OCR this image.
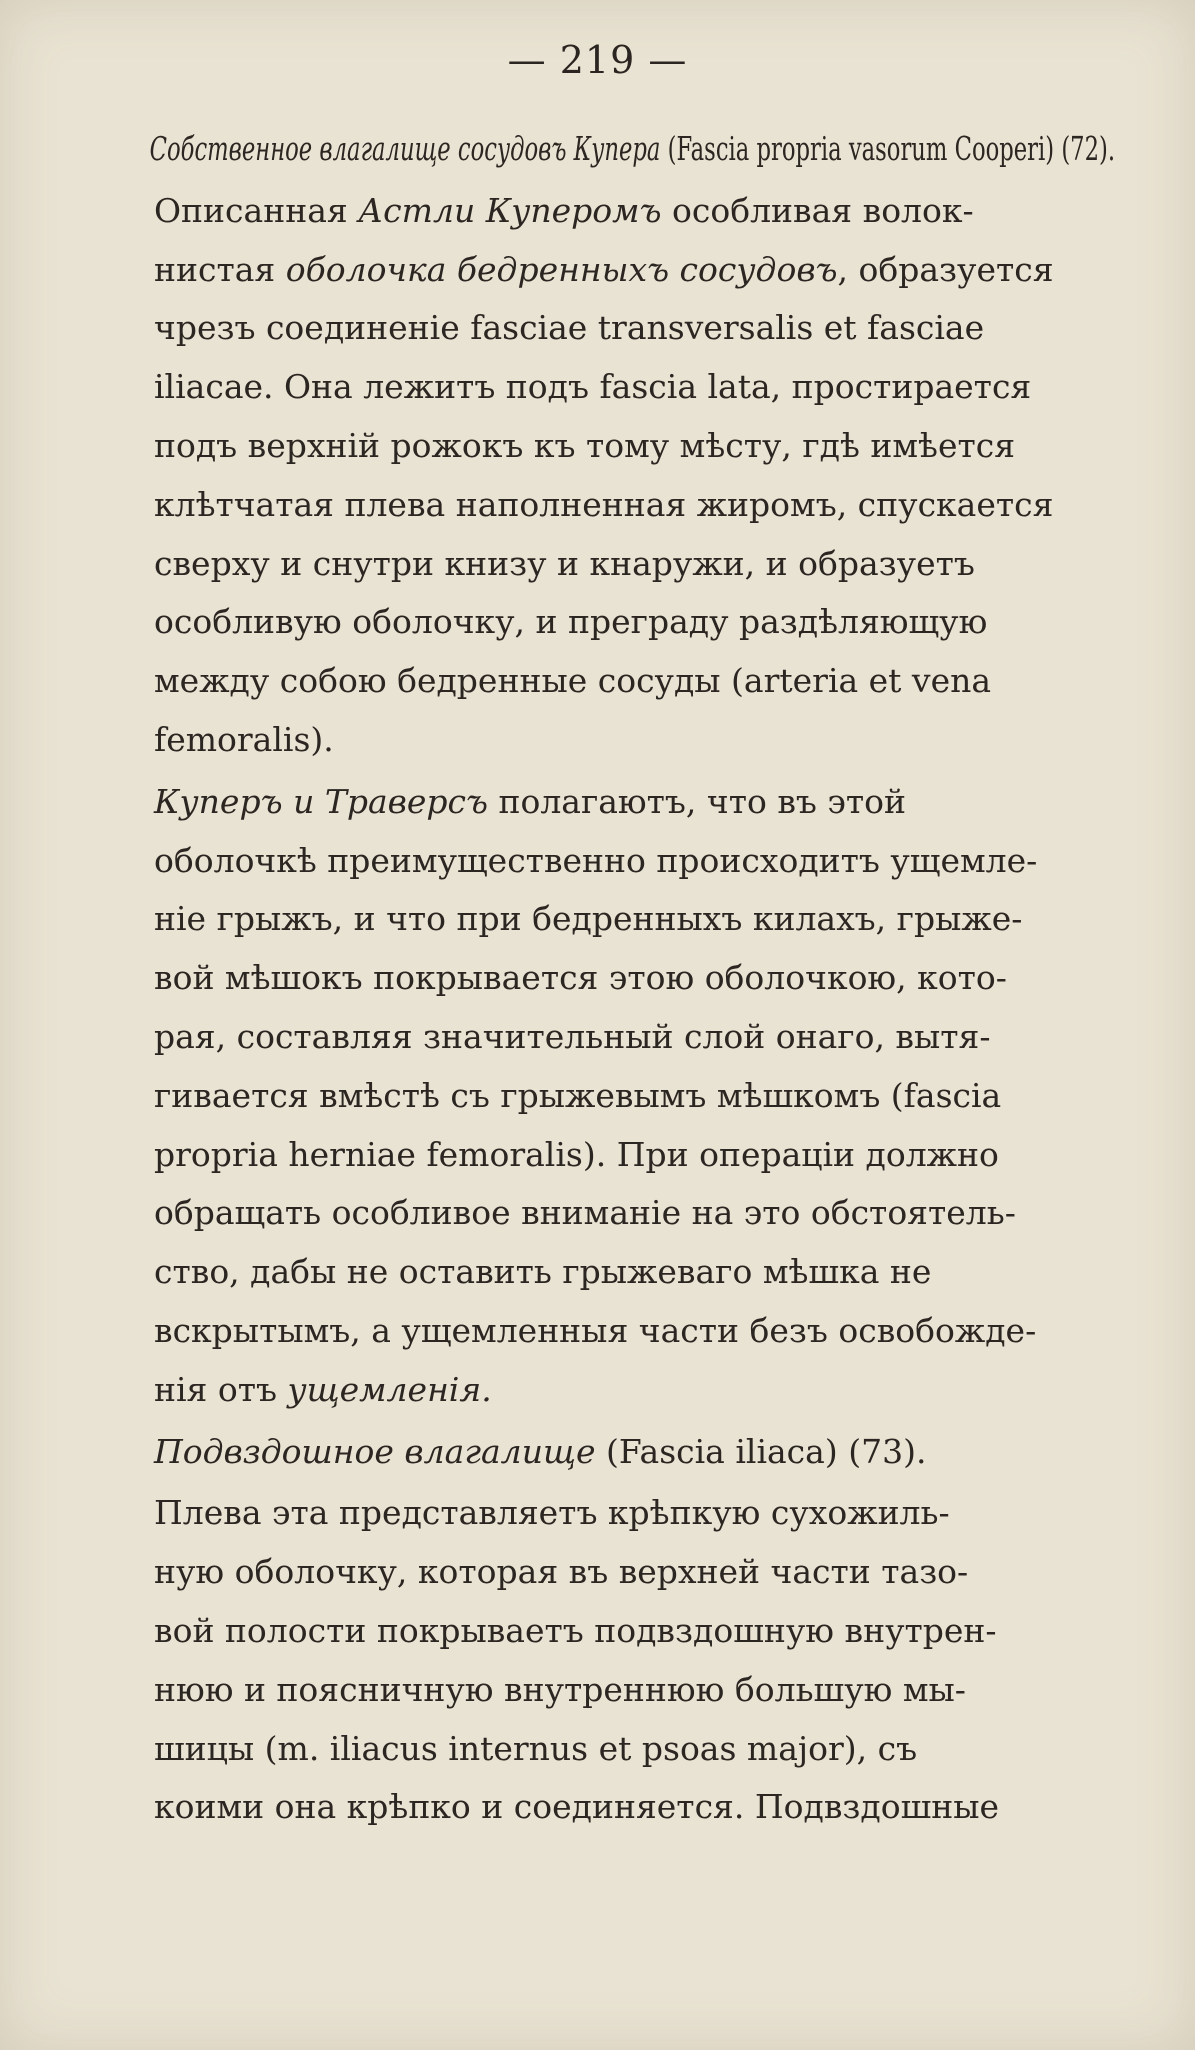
— 219 —
Собственное влагалище сосудовъ Купера (Fascia propria vasorum Cooperi) (72).
Описанная Астли Куперомъ особливая волок-
нистая оболочка бедренныхъ сосудовъ, образуется
чрезъ соединеніе fasciae transversalis et fasciae
iliacae. Она лежитъ подъ fascia lata, простирается
подъ верхній рожокъ къ тому мѣсту, гдѣ имѣется
клѣтчатая плева наполненная жиромъ, спускается
сверху и снутри книзу и кнаружи, и образуетъ
особливую оболочку, и преграду раздѣляющую
между собою бедренные сосуды (arteria et vena
femoralis).
Куперъ и Траверсъ полагаютъ, что въ этой
оболочкѣ преимущественно происходитъ ущемле-
ніе грыжъ, и что при бедренныхъ килахъ, грыже-
вой мѣшокъ покрывается этою оболочкою, кото-
рая, составляя значительный слой онаго, вытя-
гивается вмѣстѣ съ грыжевымъ мѣшкомъ (fascia
propria herniae femoralis). При операціи должно
обращать особливое вниманіе на это обстоятель-
ство, дабы не оставить грыжеваго мѣшка не
вскрытымъ, а ущемленныя части безъ освобожде-
нія отъ ущемленія.
Подвздошное влагалище (Fascia iliaca) (73).
Плева эта представляетъ крѣпкую сухожиль-
ную оболочку, которая въ верхней части тазо-
вой полости покрываетъ подвздошную внутрен-
нюю и поясничную внутреннюю большую мы-
шицы (m. iliacus internus et psoas major), съ
коими она крѣпко и соединяется. Подвздошные
